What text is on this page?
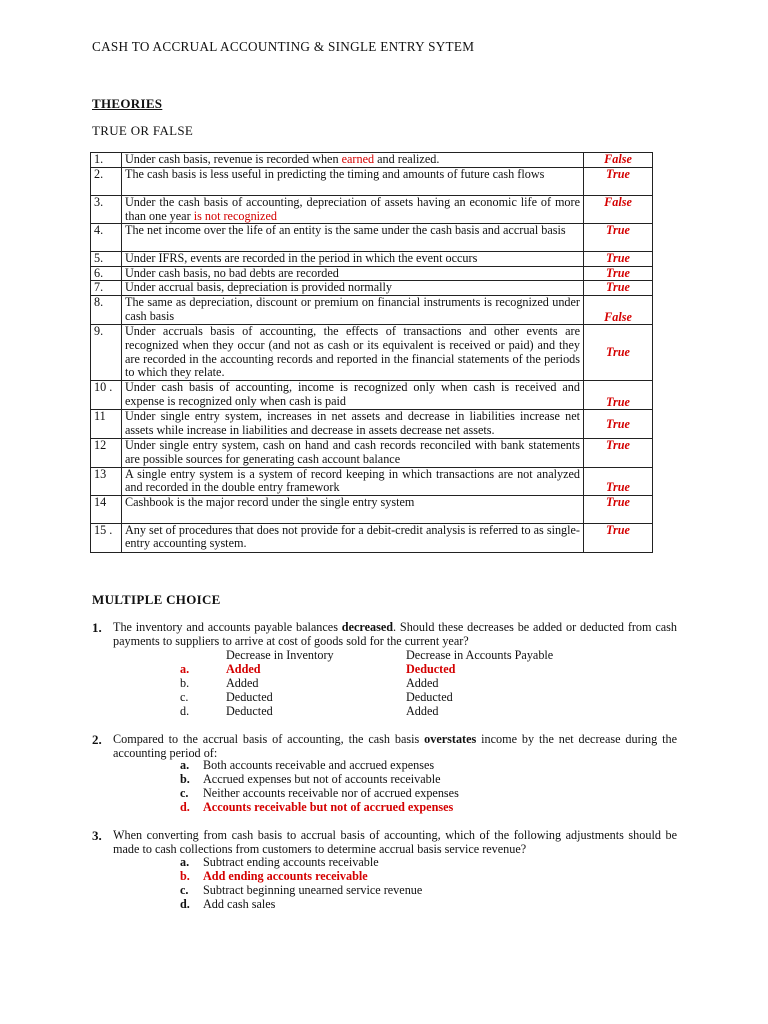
CASH TO ACCRUAL ACCOUNTING & SINGLE ENTRY SYTEM
THEORIES
TRUE OR FALSE
1.	Under cash basis, revenue is recorded when earned and realized.	False
2.	The cash basis is less useful in predicting the timing and amounts of future cash flows	True
3.	Under the cash basis of accounting, depreciation of assets having an economic life of more than one year is not recognized	False
4.	The net income over the life of an entity is the same under the cash basis and accrual basis	True
5.	Under IFRS, events are recorded in the period in which the event occurs	True
6.	Under cash basis, no bad debts are recorded	True
7.	Under accrual basis, depreciation is provided normally	True
8.	The same as depreciation, discount or premium on financial instruments is recognized under cash basis	False
9.	Under accruals basis of accounting, the effects of transactions and other events are recognized when they occur (and not as cash or its equivalent is received or paid) and they are recorded in the accounting records and reported in the financial statements of the periods to which they relate.	True
10 .	Under cash basis of accounting, income is recognized only when cash is received and expense is recognized only when cash is paid	True
11	Under single entry system, increases in net assets and decrease in liabilities increase net assets while increase in liabilities and decrease in assets decrease net assets.	True
12	Under single entry system, cash on hand and cash records reconciled with bank statements are possible sources for generating cash account balance	True
13	A single entry system is a system of record keeping in which transactions are not analyzed and recorded in the double entry framework	True
14	Cashbook is the major record under the single entry system	True
15 .	Any set of procedures that does not provide for a debit-credit analysis is referred to as single-entry accounting system.	True
MULTIPLE CHOICE
1. The inventory and accounts payable balances decreased. Should these decreases be added or deducted from cash payments to suppliers to arrive at cost of goods sold for the current year?
Decrease in Inventory	Decrease in Accounts Payable
a.	Added	Deducted
b.	Added	Added
c.	Deducted	Deducted
d.	Deducted	Added
2. Compared to the accrual basis of accounting, the cash basis overstates income by the net decrease during the accounting period of:
a. Both accounts receivable and accrued expenses
b. Accrued expenses but not of accounts receivable
c. Neither accounts receivable nor of accrued expenses
d. Accounts receivable but not of accrued expenses
3. When converting from cash basis to accrual basis of accounting, which of the following adjustments should be made to cash collections from customers to determine accrual basis service revenue?
a. Subtract ending accounts receivable
b. Add ending accounts receivable
c. Subtract beginning unearned service revenue
d. Add cash sales
